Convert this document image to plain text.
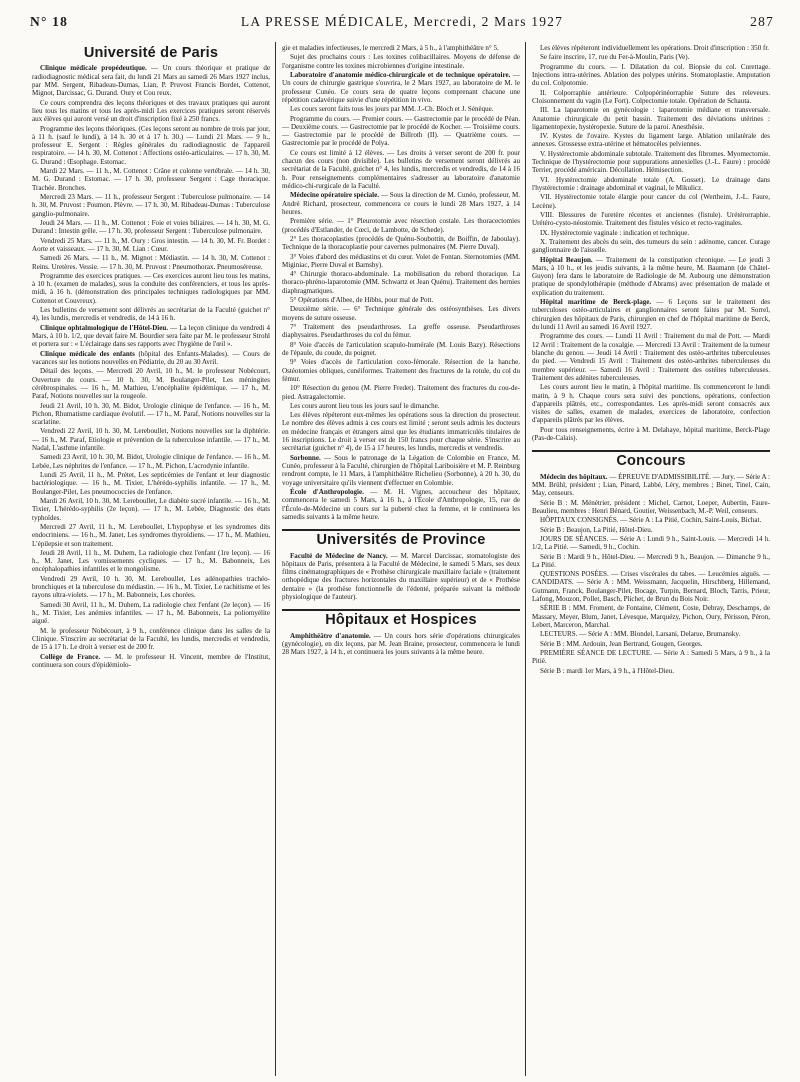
N° 18	LA PRESSE MÉDICALE, Mercredi, 2 Mars 1927	287
Université de Paris

Clinique médicale propédeutique. — Un cours théorique et pratique de radiodiagnostic médical sera fait, du lundi 21 Mars au samedi 26 Mars 1927 inclus, par MM. Sergent, Ribadeau-Dumas, Lian, P. Pruvost Francis Bordet, Cottenot, Mignot, Darcissac, G. Durand. Oury et Cou reux.

Ce cours comprendra des leçons théoriques et des travaux pratiques qui auront lieu tous les matins et tous les après-midi Les exercices pratiques seront réservés aux élèves qui auront versé un droit d'inscription fixé à 250 francs.

Programme des leçons théoriques. (Ces leçons seront au nombre de trois par jour, à 11 h. (sauf le lundi), à 14 h. 30 et à 17 h. 30.) — Lundi 21 Mars. — 9 h., professeur E. Sergent : Règles générales du radiodiagnostic de l'appareil respiratoire. — 14 h. 30, M. Cottenot : Affections ostéo-articulaires. — 17 h. 30, M. G. Durand : Œsophage. Estomac.

Mardi 22 Mars. — 11 h., M. Cottenot : Crâne et colonne vertébrale. — 14 h. 30, M. G. Durand : Estomac. — 17 h. 30, professeur Sergent : Cage thoracique. Trachée. Bronches.

Mercredi 23 Mars. — 11 h., professeur Sergent : Tuberculose pulmonaire. — 14 h. 30, M. Pruvost : Poumon. Plèvre. — 17 h. 30, M. Ribadeau-Dumas : Tuberculose ganglio-pulmonaire.

Jeudi 24 Mars. — 11 h., M. Cottenot : Foie et voies biliaires. — 14 h. 30, M. G. Durand : Intestin grêle. — 17 h. 30, professeur Sergent : Tuberculose pulmonaire.

Vendredi 25 Mars. — 11 h., M. Oury : Gros intestin. — 14 h. 30, M. Fr. Bordet : Aorte et vaisseaux. — 17 h. 30, M. Lian : Cœur.

Samedi 26 Mars. — 11 h., M. Mignot : Médiastin. — 14 h. 30, M. Cottenot : Reins. Uretères. Vessie. — 17 h. 30, M. Pruvost : Pneumothorax. Pneumoséreuse.

Programme des exercices pratiques. — Ces exercices auront lieu tous les matins, à 10 h. (examen de malades), sous la conduite des conférenciers, et tous les après-midi, à 16 h. (démonstration des principales techniques radiologiques par MM. Cottenot et Couvreux).

Les bulletins de versement sont délivrés au secrétariat de la Faculté (guichet n° 4), les lundis, mercredis et vendredis, de 14 à 16 h.

Clinique ophtalmologique de l'Hôtel-Dieu. — La leçon clinique du vendredi 4 Mars, à 10 h. 1/2, que devait faire M. Bourdier sera faite par M. le professeur Strohl et portera sur : « L'éclairage dans ses rapports avec l'hygiène de l'œil ».

Clinique médicale des enfants (hôpital des Enfants-Malades). — Cours de vacances sur les notions nouvelles en Pédiatrie, du 20 au 30 Avril.

Détail des leçons. — Mercredi 20 Avril, 10 h., M. le professeur Nobécourt, Ouverture du cours. — 10 h. 30, M. Boulanger-Pilet, Les méningites cérébrospinales. — 16 h., M. Mathieu, L'encéphalite épidémique. — 17 h., M. Paraf, Notions nouvelles sur la rougeole.

Jeudi 21 Avril, 10 h. 30, M. Bidot, Urologie clinique de l'enfance. — 16 h., M. Pichon, Rhumatisme cardiaque évolutif. — 17 h., M. Paraf, Notions nouvelles sur la scarlatine.

Vendredi 22 Avril, 10 h. 30, M. Lereboullet, Notions nouvelles sur la diphtérie. — 16 h., M. Paraf, Etiologie et prévention de la tuberculose infantile. — 17 h., M. Nadal, L'asthme infantile.

Samedi 23 Avril, 10 h. 30, M. Bidot, Urologie clinique de l'enfance. — 16 h., M. Lebée, Les néphrites de l'enfance. — 17 h., M. Pichon, L'acrodynie infantile.

Lundi 25 Avril, 11 h., M. Prétet, Les septicémies de l'enfant et leur diagnostic bactériologique. — 16 h., M. Tixier, L'hérédo-syphilis infantile. — 17 h., M. Boulanger-Pilet, Les pneumococcies de l'enfance.

Mardi 26 Avril, 10 h. 30, M. Lereboullet, Le diabète sucré infantile. — 16 h., M. Tixier, L'hérédo-syphilis (2e leçon). — 17 h., M. Lebée, Diagnostic des états typhoïdes.

Mercredi 27 Avril, 11 h., M. Lereboullet, L'hypophyse et les syndromes dits endocriniens. — 16 h., M. Janet, Les syndromes thyroïdiens. — 17 h., M. Mathieu, L'épilepsie et son traitement.

Jeudi 28 Avril, 11 h., M. Duhem, La radiologie chez l'enfant (1re leçon). — 16 h., M. Janet, Les vomissements cycliques. — 17 h., M. Babonneix, Les encéphalopathies infantiles et le mongolisme.

Vendredi 29 Avril, 10 h. 30, M. Lereboullet, Les adénopathies trachéo-bronchiques et la tuberculose du médiastin. — 16 h., M. Tixier, Le rachitisme et les rayons ultra-violets. — 17 h., M. Babonneix, Les chorées.

Samedi 30 Avril, 11 h., M. Duhem, La radiologie chez l'enfant (2e leçon). — 16 h., M. Tixier, Les anémies infantiles. — 17 h., M. Babonneix, La poliomyélite aiguë.

M. le professeur Nobécourt, à 9 h., conférence clinique dans les salles de la Clinique. S'inscrire au secrétariat de la Faculté, les lundis, mercredis et vendredis, de 15 à 17 h. Le droit à verser est de 200 fr.

Collège de France. — M. le professeur H. Vincent, membre de l'Institut, continuera son cours d'épidémiolo-

gie et maladies infectieuses, le mercredi 2 Mars, à 5 h., à l'amphithéâtre n° 5.

Sujet des prochains cours : Les toxines colibacillaires. Moyens de défense de l'organisme contre les toxines microbiennes d'origine intestinale.

Laboratoire d'anatomie médico-chirurgicale et de technique opératoire. — Un cours de chirurgie gastrique s'ouvrira, le 2 Mars 1927, au laboratoire de M. le professeur Cunéo. Ce cours sera de quatre leçons comprenant chacune une répétition cadavérique suivie d'une répétition in vivo.

Les cours seront faits tous les jours par MM. J.-Ch. Bloch et J. Sénèque.

Programme du cours. — Premier cours. — Gastrectomie par le procédé de Péan. — Deuxième cours. — Gastrectomie par le procédé de Kocher. — Troisième cours. — Gastrectomie par le procédé de Billroth (II). — Quatrième cours. — Gastrectomie par le procédé de Polya.

Ce cours est limité à 12 élèves. — Les droits à verser seront de 200 fr. pour chacun des cours (non divisible). Les bulletins de versement seront délivrés au secrétariat de la Faculté, guichet n° 4, les lundis, mercredis et vendredis, de 14 à 16 h. Pour renseignements complémentaires s'adresser au laboratoire d'anatomie médico-chi-rurgicale de la Faculté.

Médecine opératoire spéciale. — Sous la direction de M. Cunéo, professeur, M. André Richard, prosecteur, commencera ce cours le lundi 28 Mars 1927, à 14 heures.

Première série. — 1° Pleurotomie avec résection costale. Les thoracectomies (procédés d'Estlander, de Cœci, de Lambotte, de Schede).

2° Les thoracoplasties (procédés de Quénu-Soubottin, de Boiffin, de Jaboulay). Technique de la thoracoplastie pour cavernes pulmonaires (M. Pierre Duval).

3° Voies d'abord des médiastins et du cœur. Volet de Fontan. Sternotomies (MM. Miginiac, Pierre Duval et Barnsby).

4° Chirurgie thoraco-abdominale. La mobilisation du rebord thoracique. La thoraco-phréno-laparotomie (MM. Schwartz et Jean Quénu). Traitement des hernies diaphragmatiques.

5° Opérations d'Albee, de Hibbs, pour mal de Pott.

Deuxième série. — 6° Technique générale des ostéosynthèses. Les divers moyens de suture osseuse.

7° Traitement des pseudarthroses. La greffe osseuse. Pseudarthroses diaphysaires. Pseudarthroses du col du fémur.

8° Voie d'accès de l'articulation scapulo-humérale (M. Louis Bazy). Résections de l'épaule, du coude, du poignet.

9° Voies d'accès de l'articulation coxo-fémorale. Résection de la hanche. Ostéotomies obliques, cunéiformes. Traitement des fractures de la rotule, du col du fémur.

10° Résection du genou (M. Pierre Fredet). Traitement des fractures du cou-de-pied. Astragalectomie.

Les cours auront lieu tous les jours sauf le dimanche.

Les élèves répéteront eux-mêmes les opérations sous la direction du prosecteur. Le nombre des élèves admis à ces cours est limité ; seront seuls admis les docteurs en médecine français et étrangers ainsi que les étudiants immatriculés titulaires de 16 inscriptions. Le droit à verser est de 150 francs pour chaque série. S'inscrire au secrétariat (guichet n° 4), de 15 à 17 heures, les lundis, mercredis et vendredis.

Sorbonne. — Sous le patronage de la Légation de Colombie en France, M. Cunéo, professeur à la Faculté, chirurgien de l'hôpital Lariboisière et M. P. Reinburg rendront compte, le 11 Mars, à l'amphithéâtre Richelieu (Sorbonne), à 20 h. 30, du voyage universitaire qu'ils viennent d'effectuer en Colombie.

École d'Anthropologie. — M. H. Vignes, accoucheur des hôpitaux, commencera le samedi 5 Mars, à 16 h., à l'École d'Anthropologie, 15, rue de l'École-de-Médecine un cours sur la puberté chez la femme, et le continuera les samedis suivants à la même heure.

Universités de Province

Faculté de Médecine de Nancy. — M. Marcel Darcissac, stomatologiste des hôpitaux de Paris, présentera à la Faculté de Médecine, le samedi 5 Mars, ses deux films cinématographiques de « Prothèse chirurgicale maxillaire faciale » (traitement orthopédique des fractures horizontales du maxillaire supérieur) et de « Prothèse dentaire » (la prothèse fonctionnelle de l'édenté, préparée suivant la méthode physiologique de l'auteur).

Hôpitaux et Hospices

Amphithéâtre d'anatomie. — Un cours hors série d'opérations chirurgicales (gynécologie), en dix leçons, par M. Jean Braine, prosecteur, commencera le lundi 28 Mars 1927, à 14 h., et continuera les jours suivants à la même heure.

Les élèves répéteront individuellement les opérations. Droit d'inscription : 350 fr.

Se faire inscrire, 17, rue du Fer-à-Moulin, Paris (Ve).

Programme du cours. — I. Dilatation du col. Biopsie du col. Curettage. Injections intra-utérines. Ablation des polypes utérins. Stomatoplastie. Amputation du col. Colpotomie.

II. Colporraphie antérieure. Colpopérinéorraphie Suture des releveurs. Cloisonnement du vagin (Le Fort). Colpectomie totale. Opération de Schauta.

III. La laparotomie en gynécologie : laparotomie médiane et transversale. Anatomie chirurgicale du petit bassin. Traitement des déviations utérines : ligamentopexie, hystéropexie. Suture de la paroi. Anesthésie.

IV. Kystes de l'ovaire. Kystes du ligament large. Ablation unilatérale des annexes. Grossesse extra-utérine et hématocèles pelviennes.

V. Hystérectomie abdominale subtotale. Traitement des fibromes. Myomectomie. Technique de l'hystérectomie pour suppurations annexielles (J.-L. Faure) : procédé Terrier, procédé américain. Décollation. Hémisection.

VI. Hystérectomie abdominale totale (A. Gosset). Le drainage dans l'hystérectomie : drainage abdominal et vaginal, le Mikulicz.

VII. Hystérectomie totale élargie pour cancer du col (Wertheim, J.-L. Faure, Lecène).

VIII. Blessures de l'uretère récentes et anciennes (fistule). Urétérorraphie. Urétéro-cysto-néostomie. Traitement des fistules vésico et recto-vaginales.

IX. Hystérectomie vaginale : indication et technique.

X. Traitement des abcès du sein, des tumeurs du sein : adénome, cancer. Curage ganglionnaire de l'aisselle.

Hôpital Beaujon. — Traitement de la constipation chronique. — Le jeudi 3 Mars, à 10 h., et les jeudis suivants, à la même heure, M. Baumann (de Châtel-Guyon) fera dans le laboratoire de Radiologie de M. Aubourg une démonstration pratique de spondylothérapie (méthode d'Abrams) avec présentation de malade et explication du traitement.

Hôpital maritime de Berck-plage. — 6 Leçons sur le traitement des tuberculoses ostéo-articulaires et ganglionnaires seront faites par M. Sorrel, chirurgien des hôpitaux de Paris, chirurgien en chef de l'hôpital maritime de Berck, du lundi 11 Avril au samedi 16 Avril 1927.

Programme des cours. — Lundi 11 Avril : Traitement du mal de Pott. — Mardi 12 Avril : Traitement de la coxalgie. — Mercredi 13 Avril : Traitement de la tumeur blanche du genou. — Jeudi 14 Avril : Traitement des ostéo-arthrites tuberculeuses du pied. — Vendredi 15 Avril : Traitement des ostéo-arthrites tuberculeuses du membre supérieur. — Samedi 16 Avril : Traitement des ostéites tuberculeuses. Traitement des adénites tuberculeuses.

Les cours auront lieu le matin, à l'hôpital maritime. Ils commenceront le lundi matin, à 9 h. Chaque cours sera suivi des ponctions, opérations, confection d'appareils plâtrés, etc., correspondantes. Les après-midi seront consacrés aux visites de salles, examen de malades, exercices de laboratoire, confection d'appareils plâtrés par les élèves.

Pour tous renseignements, écrire à M. Delahaye, hôpital maritime, Berck-Plage (Pas-de-Calais).

Concours

Médecin des hôpitaux. — ÉPREUVE D'ADMISSIBILITÉ. — Jury. — Série A : MM. Brühl, président ; Lian, Pinard, Labbé, Léry, membres ; Binet, Tinel, Cain, May, censeurs.

Série B : M. Ménétrier, président : Michel, Carnot, Loeper, Aubertin, Faure-Beaulieu, membres : Henri Bénard, Goutier, Weissenbach, M.-P. Weil, censeurs.

HÔPITAUX CONSIGNÉS. — Série A : La Pitié, Cochin, Saint-Louis, Bichat.

Série B : Beaujon, La Pitié, Hôtel-Dieu.

JOURS DE SÉANCES. — Série A : Lundi 9 h., Saint-Louis. — Mercredi 14 h. 1/2, La Pitié. — Samedi, 9 h., Cochin.

Série B : Mardi 9 h., Hôtel-Dieu. — Mercredi 9 h., Beaujon. — Dimanche 9 h., La Pitié.

QUESTIONS POSÉES. — Crises viscérales du tabes. — Leucémies aiguës. — CANDIDATS. — Série A : MM. Weissmann, Jacquelin, Hirschberg, Hillemand, Gutmann, Franck, Boulanger-Pilet, Bocage, Turpin, Bernard, Bloch, Tarris, Prieur, Lafong, Mouzon, Pollet, Basch, Plichet, de Brun du Bois Noir.

SÉRIE B : MM. Froment, de Fontaine, Clément, Coste, Debray, Deschamps, de Massary, Meyer, Blum, Janet, Lévesque, Marquézy, Pichon, Oury, Périsson, Péron, Lebert, Marceron, Marchal.

LECTEURS. — Série A : MM. Blondel, Larsani, Delarue, Brumansky.

Série B : MM. Ardouin, Jean Bertrand, Gougen, Georges.

PREMIÈRE SÉANCE DE LECTURE. — Série A : Samedi 5 Mars, à 9 h., à la Pitié.

Série B : mardi 1er Mars, à 9 h., à l'Hôtel-Dieu.
